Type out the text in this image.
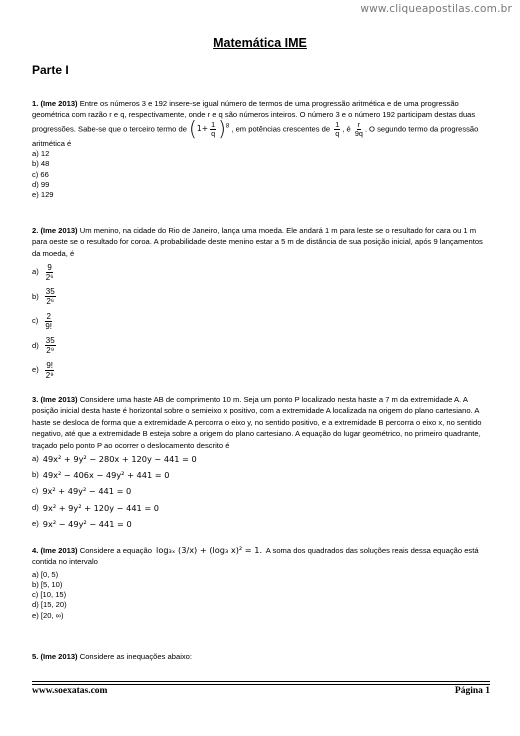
www.cliqueapostilas.com.br
Matemática IME
Parte I

1. (Ime 2013) Entre os números 3 e 192 insere-se igual número de termos de uma progressão aritmética e de uma progressão geométrica com razão r e q, respectivamente, onde r e q são números inteiros. O número 3 e o número 192 participam destas duas progressões. Sabe-se que o terceiro termo de $(1+ \frac{1}{q} )^8$ , em potências crescentes de $\frac{1}{q}$ , é $\frac{r}{9q}$ . O segundo termo da progressão aritmética é

a) 12
b) 48
c) 66
d) 99
e) 129

2. (Ime 2013) Um menino, na cidade do Rio de Janeiro, lança uma moeda. Ele andará 1 m para leste se o resultado for cara ou 1 m para oeste se o resultado for coroa. A probabilidade deste menino estar a 5 m de distância de sua posição inicial, após 9 lançamentos da moeda, é

$a) \frac{9}{\text{2⁶}}$
$b) \frac{35}{\text{2⁶}}$
$c) \frac{2}{9!}$
$d) \frac{35}{\text{2⁹}}$
$e) \frac{9!}{\text{2⁹}}$

3. (Ime 2013) Considere uma haste AB de comprimento 10 m. Seja um ponto P localizado nesta haste a 7 m da extremidade A. A posição inicial desta haste é horizontal sobre o semieixo x positivo, com a extremidade A localizada na origem do plano cartesiano. A haste se desloca de forma que a extremidade A percorra o eixo y, no sentido positivo, e a extremidade B percorra o eixo x, no sentido negativo, até que a extremidade B esteja sobre a origem do plano cartesiano. A equação do lugar geométrico, no primeiro quadrante, traçado pelo ponto P ao ocorrer o deslocamento descrito é

a) 49x² + 9y² − 280x + 120y − 441 = 0
b) 49x² − 406x − 49y² + 441 = 0
c) 9x² + 49y² − 441 = 0
d) 9x² + 9y² + 120y − 441 = 0
e) 9x² − 49y² − 441 = 0

4. (Ime 2013) Considere a equação log₃ₓ (3/x) + (log₃ x)² = 1. A soma dos quadrados das soluções reais dessa equação está contida no intervalo

a) [0, 5)
b) [5, 10)
c) [10, 15)
d) [15, 20)
e) [20, ∞)

5. (Ime 2013) Considere as inequações abaixo:

www.soexatas.com	Página 1
